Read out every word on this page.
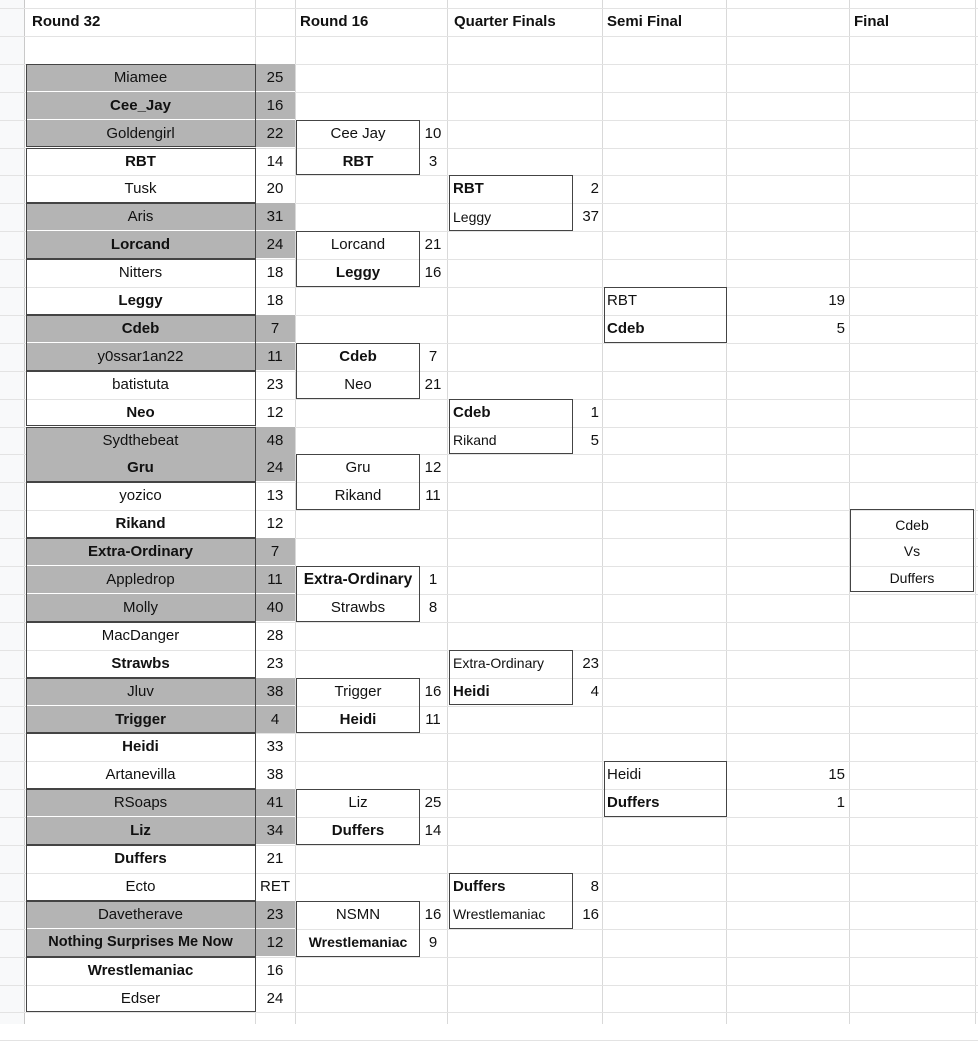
Round 32	Round 16	Quarter Finals	Semi Final	Final
Miamee	25
Cee_Jay	16
Goldengirl	22
RBT	14
Tusk	20
Aris	31
Lorcand	24
Nitters	18
Leggy	18
Cdeb	7
y0ssar1an22	11
batistuta	23
Neo	12
Sydthebeat	48
Gru	24
yozico	13
Rikand	12
Extra-Ordinary	7
Appledrop	11
Molly	40
MacDanger	28
Strawbs	23
Jluv	38
Trigger	4
Heidi	33
Artanevilla	38
RSoaps	41
Liz	34
Duffers	21
Ecto	RET
Davetherave	23
Nothing Surprises Me Now	12
Wrestlemaniac	16
Edser	24
Cee Jay	10
RBT	3
Lorcand	21
Leggy	16
Cdeb	7
Neo	21
Gru	12
Rikand	11
Extra-Ordinary	1
Strawbs	8
Trigger	16
Heidi	11
Liz	25
Duffers	14
NSMN	16
Wrestlemaniac	9
RBT	2
Leggy	37
Cdeb	1
Rikand	5
Extra-Ordinary	23
Heidi	4
Duffers	8
Wrestlemaniac	16
RBT	19
Cdeb	5
Heidi	15
Duffers	1
Cdeb
Vs
Duffers
